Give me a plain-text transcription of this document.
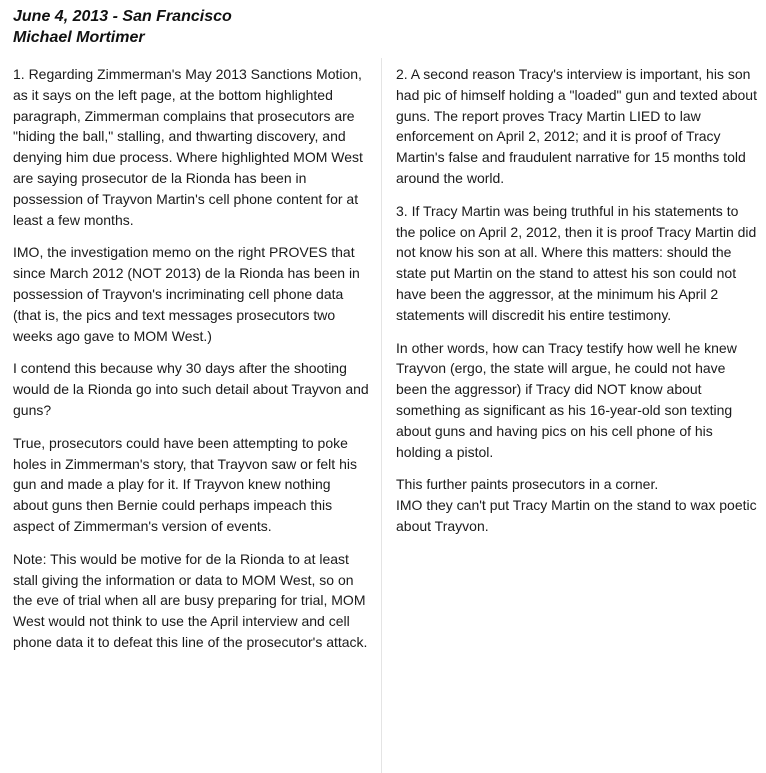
June 4, 2013 - San Francisco
Michael Mortimer

1. Regarding Zimmerman's May 2013 Sanctions Motion, as it says on the left page, at the bottom highlighted paragraph, Zimmerman complains that prosecutors are "hiding the ball," stalling, and thwarting discovery, and denying him due process. Where highlighted MOM West are saying prosecutor de la Rionda has been in possession of Trayvon Martin's cell phone content for at least a few months.

IMO, the investigation memo on the right PROVES that since March 2012 (NOT 2013) de la Rionda has been in possession of Trayvon's incriminating cell phone data (that is, the pics and text messages prosecutors two weeks ago gave to MOM West.)

I contend this because why 30 days after the shooting would de la Rionda go into such detail about Trayvon and guns?

True, prosecutors could have been attempting to poke holes in Zimmerman's story, that Trayvon saw or felt his gun and made a play for it. If Trayvon knew nothing about guns then Bernie could perhaps impeach this aspect of Zimmerman's version of events.

Note: This would be motive for de la Rionda to at least stall giving the information or data to MOM West, so on the eve of trial when all are busy preparing for trial, MOM West would not think to use the April interview and cell phone data it to defeat this line of the prosecutor's attack.

2. A second reason Tracy's interview is important, his son had pic of himself holding a "loaded" gun and texted about guns. The report proves Tracy Martin LIED to law enforcement on April 2, 2012; and it is proof of Tracy Martin's false and fraudulent narrative for 15 months told around the world.

3. If Tracy Martin was being truthful in his statements to the police on April 2, 2012, then it is proof Tracy Martin did not know his son at all. Where this matters: should the state put Martin on the stand to attest his son could not have been the aggressor, at the minimum his April 2 statements will discredit his entire testimony.

In other words, how can Tracy testify how well he knew Trayvon (ergo, the state will argue, he could not have been the aggressor) if Tracy did NOT know about something as significant as his 16-year-old son texting about guns and having pics on his cell phone of his holding a pistol.

This further paints prosecutors in a corner.
IMO they can't put Tracy Martin on the stand to wax poetic about Trayvon.
